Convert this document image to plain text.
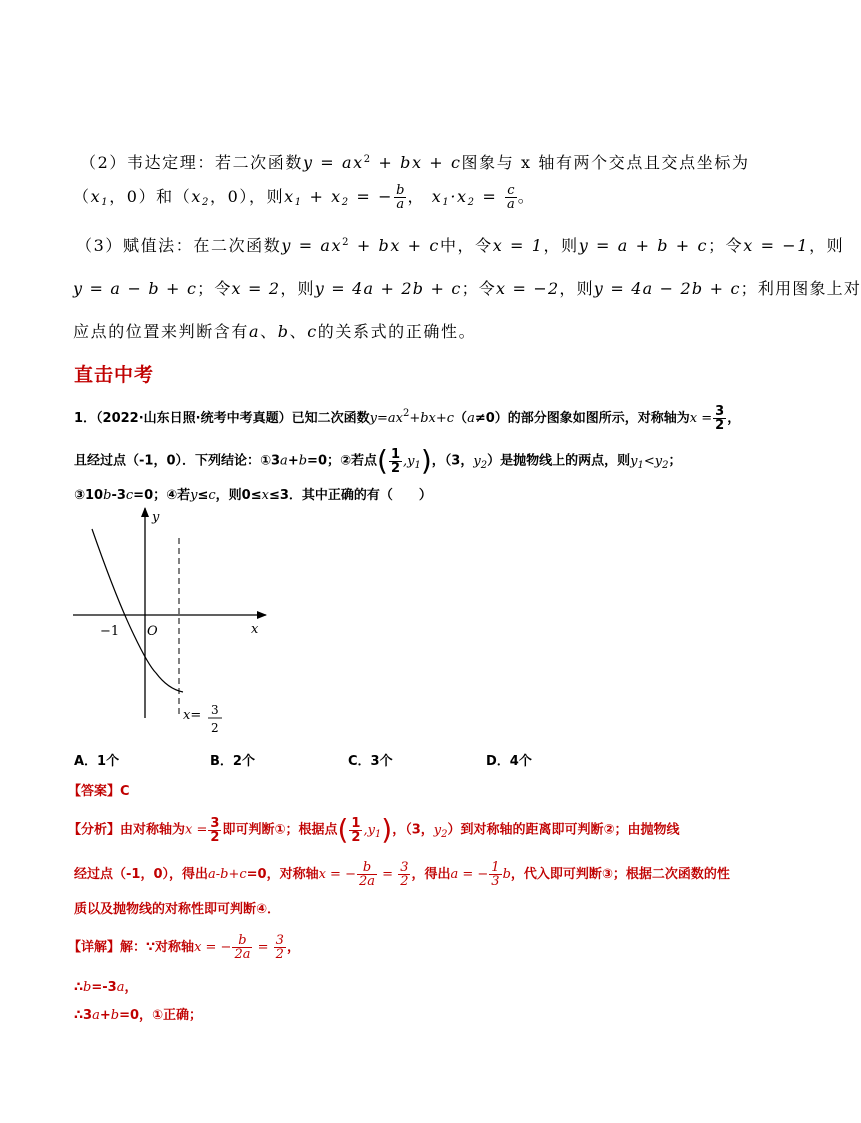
（2）韦达定理：若二次函数$y = ax^2$ + bx + c图象与 x 轴有两个交点且交点坐标为
（$x_1$，0）和（$x_2$，0），则$x_1 + x_2$ = − $\frac{b}{a}$ ， $x_1\cdot x_2 = \frac{c}{a}$ 。
（3）赋值法：在二次函数$y = ax^2$ + bx + c中，令x = 1，则y = a + b + c；令x = −1，则
y = a − b + c；令x = 2，则y = 4a + 2b + c；令x = −2，则y = 4a − 2b + c；利用图象上对
应点的位置来判断含有a、b、c的关系式的正确性。
直击中考
1．（2022·山东日照·统考中考真题）已知二次函数$y=ax^2+bx+c(a\ne 0)$的部分图象如图所示，对称轴为$x = \frac{3}{2}$ ，
且经过点（-1，0）．下列结论：①3a+b=0；②若点( $\frac{1}{2} ,y_1$)，（3，$y_2$）是抛物线上的两点，则$y_1<y_2$；
③10b-3c=0；④若y≤c，则0≤x≤3．其中正确的有（　　）
y
x
O
−1
x= 3
2
A．1个	B．2个	C．3个	D．4个
【答案】C
【分析】由对称轴为$x = \frac{3}{2}$ 即可判断①；根据点( $\frac{1}{2} ,y_1$)，（3，$y_2$）到对称轴的距离即可判断②；由抛物线
经过点（-1，0），得出a-b+c=0，对称轴x = − $\frac{b}{2a} = \frac{3}{2}$ ，得出a = − $\frac{1}{3}$ b，代入即可判断③；根据二次函数的性
质以及抛物线的对称性即可判断④．
【详解】解：∵对称轴x = − $\frac{b}{2a} = \frac{3}{2}$ ，
∴b=-3a，
∴3a+b=0，①正确；
